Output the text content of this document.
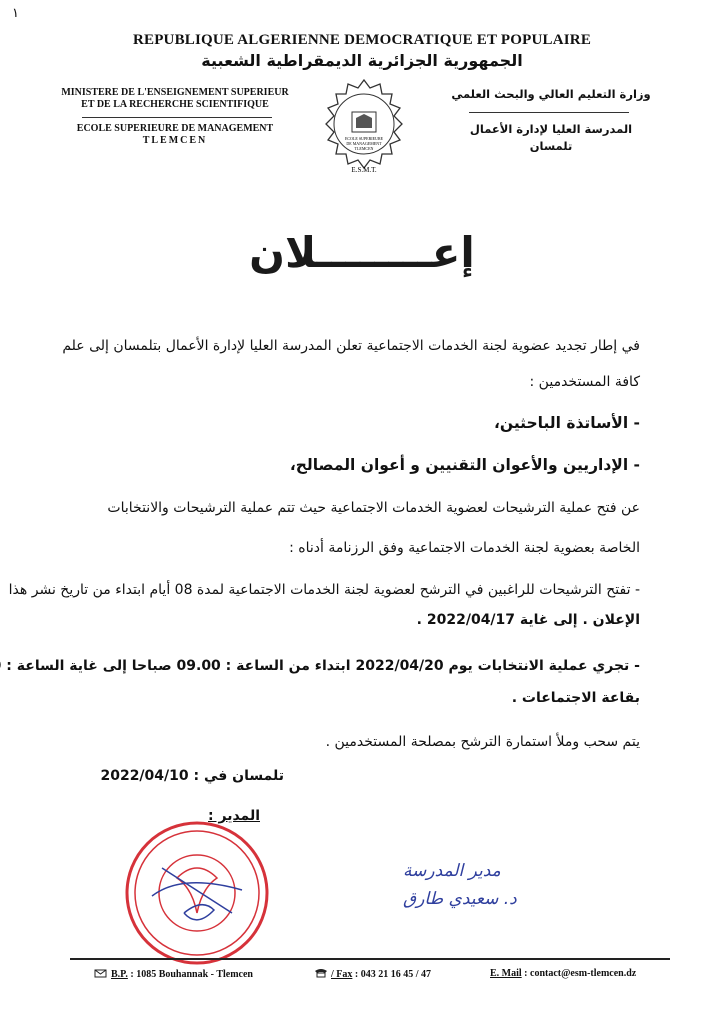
١
REPUBLIQUE ALGERIENNE DEMOCRATIQUE ET POPULAIRE
الجمهورية الجزائرية الديمقراطية الشعبية
MINISTERE DE L'ENSEIGNEMENT SUPERIEUR
ET DE LA RECHERCHE SCIENTIFIQUE
ECOLE SUPERIEURE DE MANAGEMENT
TLEMCEN
وزارة التعليم العالي والبحث العلمي
المدرسة العليا لإدارة الأعمال
تلمسان
ECOLE SUPERIEURE
DE MANAGEMENT
TLEMCEN
E.S.M.T.
إعــــــــلان
في إطار تجديد عضوية لجنة الخدمات الاجتماعية تعلن المدرسة العليا لإدارة الأعمال بتلمسان إلى علم
كافة المستخدمين :
- الأساتذة الباحثين،
- الإداريين والأعوان التقنيين و أعوان المصالح،
عن فتح عملية الترشيحات لعضوية الخدمات الاجتماعية حيث تتم عملية الترشيحات والانتخابات
الخاصة بعضوية لجنة الخدمات الاجتماعية وفق الرزنامة أدناه :
- تفتح الترشيحات للراغبين في الترشح لعضوية لجنة الخدمات الاجتماعية لمدة 08 أيام ابتداء من تاريخ نشر هذا
الإعلان . إلى غاية 2022/04/17 .
- تجري عملية الانتخابات يوم 2022/04/20 ابتداء من الساعة : 09.00 صباحا إلى غاية الساعة :
بقاعة الاجتماعات .
يتم سحب وملأ استمارة الترشح بمصلحة المستخدمين .
تلمسان في : 2022/04/10
المدير :
مدير المدرسة
د. سعيدي طارق
B.P. : 1085 Bouhannak - Tlemcen	/ Fax : 043 21 16 45 / 47	E. Mail : contact@esm-tlemcen.dz
